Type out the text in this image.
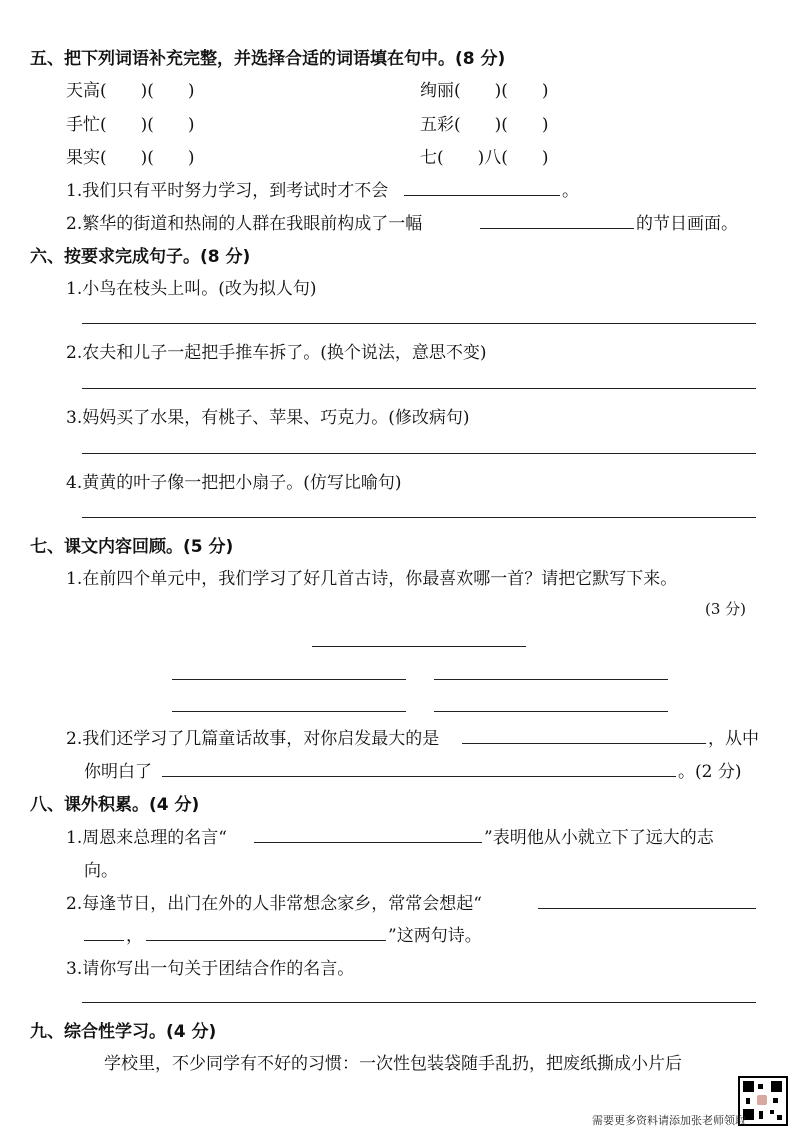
五、把下列词语补充完整，并选择合适的词语填在句中。(8 分)
天高(　　)(　　)	绚丽(　　)(　　)
手忙(　　)(　　)	五彩(　　)(　　)
果实(　　)(　　)	七(　　)八(　　)
1.我们只有平时努力学习，到考试时才不会	。
2.繁华的街道和热闹的人群在我眼前构成了一幅	的节日画面。
六、按要求完成句子。(8 分)
1.小鸟在枝头上叫。(改为拟人句)
2.农夫和儿子一起把手推车拆了。(换个说法，意思不变)
3.妈妈买了水果，有桃子、苹果、巧克力。(修改病句)
4.黄黄的叶子像一把把小扇子。(仿写比喻句)
七、课文内容回顾。(5 分)
1.在前四个单元中，我们学习了好几首古诗，你最喜欢哪一首？请把它默写下来。
(3 分)
2.我们还学习了几篇童话故事，对你启发最大的是	，从中
你明白了	。(2 分)
八、课外积累。(4 分)
1.周恩来总理的名言“	”表明他从小就立下了远大的志
向。
2.每逢节日，出门在外的人非常想念家乡，常常会想起“
，	”这两句诗。
3.请你写出一句关于团结合作的名言。
九、综合性学习。(4 分)
学校里，不少同学有不好的习惯：一次性包装袋随手乱扔，把废纸撕成小片后
需要更多资料请添加张老师领取
